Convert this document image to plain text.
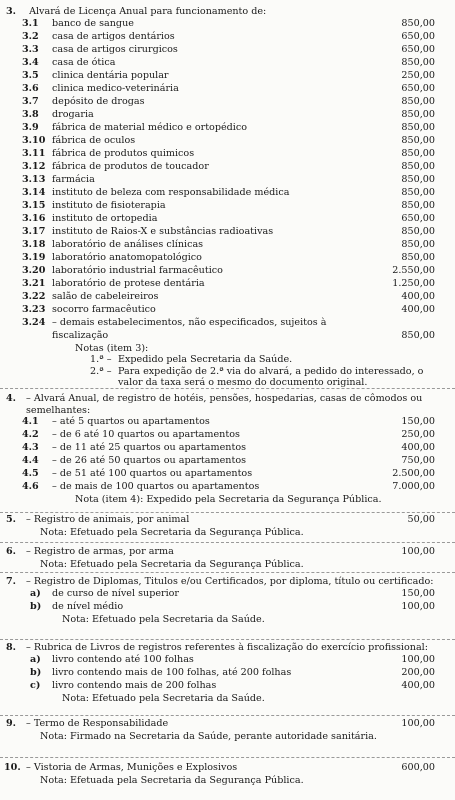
3. Alvará de Licença Anual para funcionamento de:
3.1 banco de sangue	850,00
3.2 casa de artigos dentários	650,00
3.3 casa de artigos cirurgicos	650,00
3.4 casa de ótica	850,00
3.5 clinica dentária popular	250,00
3.6 clinica medico-veterinária	650,00
3.7 depósito de drogas	850,00
3.8 drogaria	850,00
3.9 fábrica de material médico e ortopédico	850,00
3.10 fábrica de oculos	850,00
3.11 fábrica de produtos quimicos	850,00
3.12 fábrica de produtos de toucador	850,00
3.13 farmácia	850,00
3.14 instituto de beleza com responsabilidade médica	850,00
3.15 instituto de fisioterapia	850,00
3.16 instituto de ortopedia	650,00
3.17 instituto de Raios-X e substâncias radioativas	850,00
3.18 laboratório de análises clínicas	850,00
3.19 laboratório anatomopatológico	850,00
3.20 laboratório industrial farmacêutico	2.550,00
3.21 laboratório de protese dentária	1.250,00
3.22 salão de cabeleireiros	400,00
3.23 socorro farmacêutico	400,00
3.24 – demais estabelecimentos, não especificados, sujeitos à
fiscalização	850,00
Notas (item 3):
1.ª – Expedido pela Secretaria da Saúde.
2.ª – Para expedição de 2.ª via do alvará, a pedido do interessado, o valor da taxa será o mesmo do documento original.
4. – Alvará Anual, de registro de hotéis, pensões, hospedarias, casas de cômodos ou semelhantes:
4.1 – até 5 quartos ou apartamentos	150,00
4.2 – de 6 até 10 quartos ou apartamentos	250,00
4.3 – de 11 até 25 quartos ou apartamentos	400,00
4.4 – de 26 até 50 quartos ou apartamentos	750,00
4.5 – de 51 até 100 quartos ou apartamentos	2.500,00
4.6 – de mais de 100 quartos ou apartamentos	7.000,00
Nota (item 4): Expedido pela Secretaria da Segurança Pública.
5. – Registro de animais, por animal	50,00
Nota: Efetuado pela Secretaria da Segurança Pública.
6. – Registro de armas, por arma	100,00
Nota: Efetuado pela Secretaria da Segurança Pública.
7. – Registro de Diplomas, Titulos e/ou Certificados, por diploma, título ou certificado:
a) de curso de nível superior	150,00
b) de nível médio	100,00
Nota: Efetuado pela Secretaria da Saúde.
8. – Rubrica de Livros de registros referentes à fiscalização do exercício profissional:
a) livro contendo até 100 folhas	100,00
b) livro contendo mais de 100 folhas, até 200 folhas	200,00
c) livro contendo mais de 200 folhas	400,00
Nota: Efetuado pela Secretaria da Saúde.
9. – Termo de Responsabilidade	100,00
Nota: Firmado na Secretaria da Saúde, perante autoridade sanitária.
10. – Vistoria de Armas, Munições e Explosivos	600,00
Nota: Efetuada pela Secretaria da Segurança Pública.
